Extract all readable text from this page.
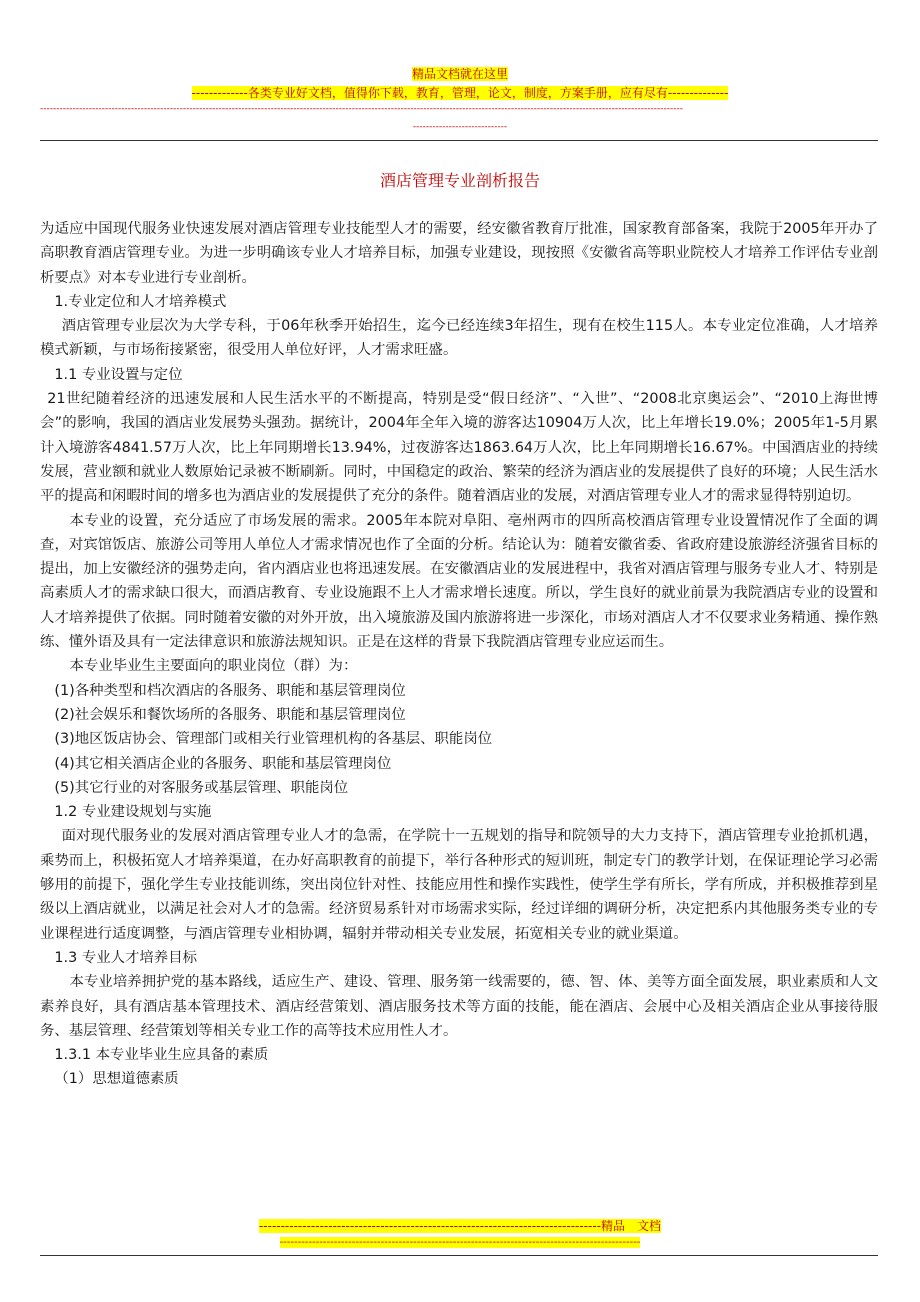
精品文档就在这里
-------------各类专业好文档，值得你下载，教育，管理，论文，制度，方案手册，应有尽有--------------
------------------------------------------------------------------------------------------------------------------------------------------------------------------------------------------------------
-----------------------------
酒店管理专业剖析报告

为适应中国现代服务业快速发展对酒店管理专业技能型人才的需要，经安徽省教育厅批准，国家教育部备案，我院于2005年开办了高职教育酒店管理专业。为进一步明确该专业人才培养目标，加强专业建设，现按照《安徽省高等职业院校人才培养工作评估专业剖析要点》对本专业进行专业剖析。

1.专业定位和人才培养模式

酒店管理专业层次为大学专科，于06年秋季开始招生，迄今已经连续3年招生，现有在校生115人。本专业定位准确，人才培养模式新颖，与市场衔接紧密，很受用人单位好评，人才需求旺盛。

1.1 专业设置与定位

21世纪随着经济的迅速发展和人民生活水平的不断提高，特别是受“假日经济”、“入世”、“2008北京奥运会”、“2010上海世博会”的影响，我国的酒店业发展势头强劲。据统计，2004年全年入境的游客达10904万人次，比上年增长19.0%；2005年1-5月累计入境游客4841.57万人次，比上年同期增长13.94%，过夜游客达1863.64万人次，比上年同期增长16.67%。中国酒店业的持续发展，营业额和就业人数原始记录被不断刷新。同时，中国稳定的政治、繁荣的经济为酒店业的发展提供了良好的环境；人民生活水平的提高和闲暇时间的增多也为酒店业的发展提供了充分的条件。随着酒店业的发展，对酒店管理专业人才的需求显得特别迫切。

本专业的设置，充分适应了市场发展的需求。2005年本院对阜阳、亳州两市的四所高校酒店管理专业设置情况作了全面的调查，对宾馆饭店、旅游公司等用人单位人才需求情况也作了全面的分析。结论认为：随着安徽省委、省政府建设旅游经济强省目标的提出，加上安徽经济的强势走向，省内酒店业也将迅速发展。在安徽酒店业的发展进程中，我省对酒店管理与服务专业人才、特别是高素质人才的需求缺口很大，而酒店教育、专业设施跟不上人才需求增长速度。所以，学生良好的就业前景为我院酒店专业的设置和人才培养提供了依据。同时随着安徽的对外开放，出入境旅游及国内旅游将进一步深化，市场对酒店人才不仅要求业务精通、操作熟练、懂外语及具有一定法律意识和旅游法规知识。正是在这样的背景下我院酒店管理专业应运而生。

本专业毕业生主要面向的职业岗位（群）为：

(1)各种类型和档次酒店的各服务、职能和基层管理岗位

(2)社会娱乐和餐饮场所的各服务、职能和基层管理岗位

(3)地区饭店协会、管理部门或相关行业管理机构的各基层、职能岗位

(4)其它相关酒店企业的各服务、职能和基层管理岗位

(5)其它行业的对客服务或基层管理、职能岗位

1.2 专业建设规划与实施

面对现代服务业的发展对酒店管理专业人才的急需，在学院十一五规划的指导和院领导的大力支持下，酒店管理专业抢抓机遇，乘势而上，积极拓宽人才培养渠道，在办好高职教育的前提下，举行各种形式的短训班，制定专门的教学计划，在保证理论学习必需够用的前提下，强化学生专业技能训练，突出岗位针对性、技能应用性和操作实践性，使学生学有所长，学有所成，并积极推荐到星级以上酒店就业，以满足社会对人才的急需。经济贸易系针对市场需求实际，经过详细的调研分析，决定把系内其他服务类专业的专业课程进行适度调整，与酒店管理专业相协调，辐射并带动相关专业发展，拓宽相关专业的就业渠道。

1.3 专业人才培养目标

本专业培养拥护党的基本路线，适应生产、建设、管理、服务第一线需要的，德、智、体、美等方面全面发展，职业素质和人文素养良好，具有酒店基本管理技术、酒店经营策划、酒店服务技术等方面的技能，能在酒店、会展中心及相关酒店企业从事接待服务、基层管理、经营策划等相关专业工作的高等技术应用性人才。

1.3.1 本专业毕业生应具备的素质

（1）思想道德素质

-------------------------------------------------------------------------------精品　文档
----------------------------------------------------------------------------------------------------
